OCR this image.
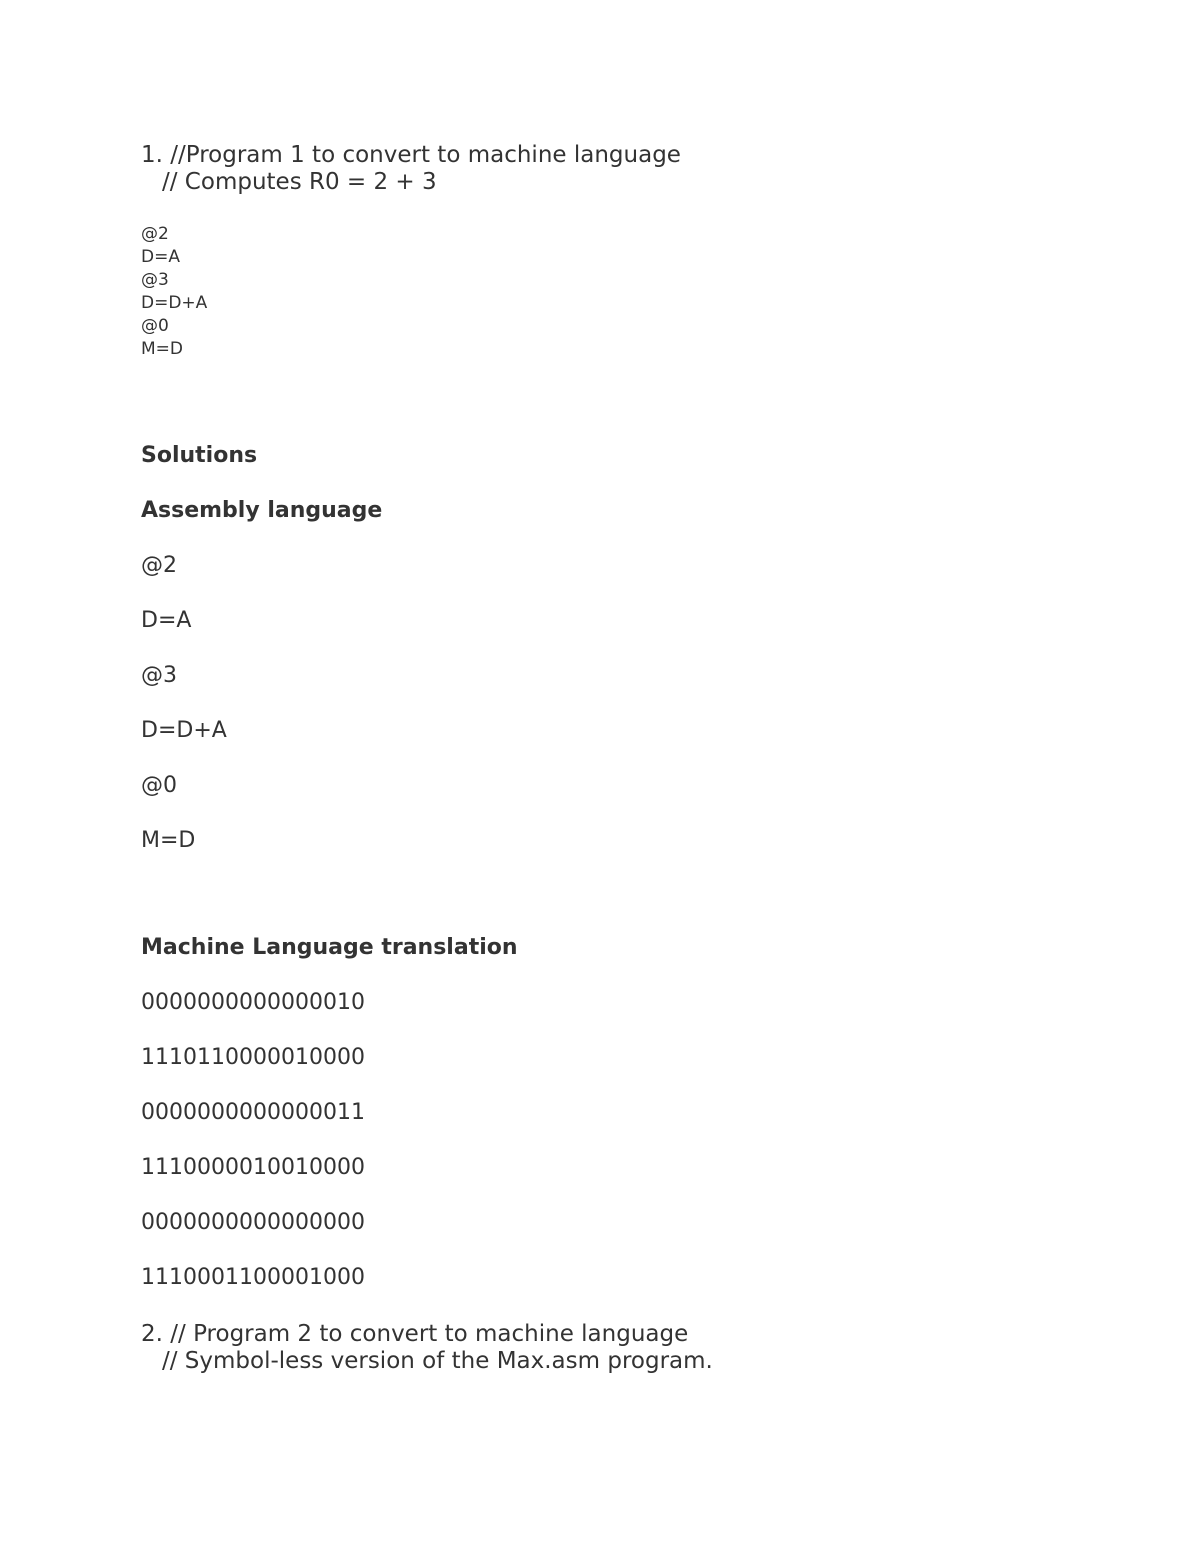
1. //Program 1 to convert to machine language
// Computes R0 = 2 + 3
@2
D=A
@3
D=D+A
@0
M=D
Solutions
Assembly language
@2
D=A
@3
D=D+A
@0
M=D
Machine Language translation
0000000000000010
1110110000010000
0000000000000011
1110000010010000
0000000000000000
1110001100001000
2. // Program 2 to convert to machine language
// Symbol-less version of the Max.asm program.
